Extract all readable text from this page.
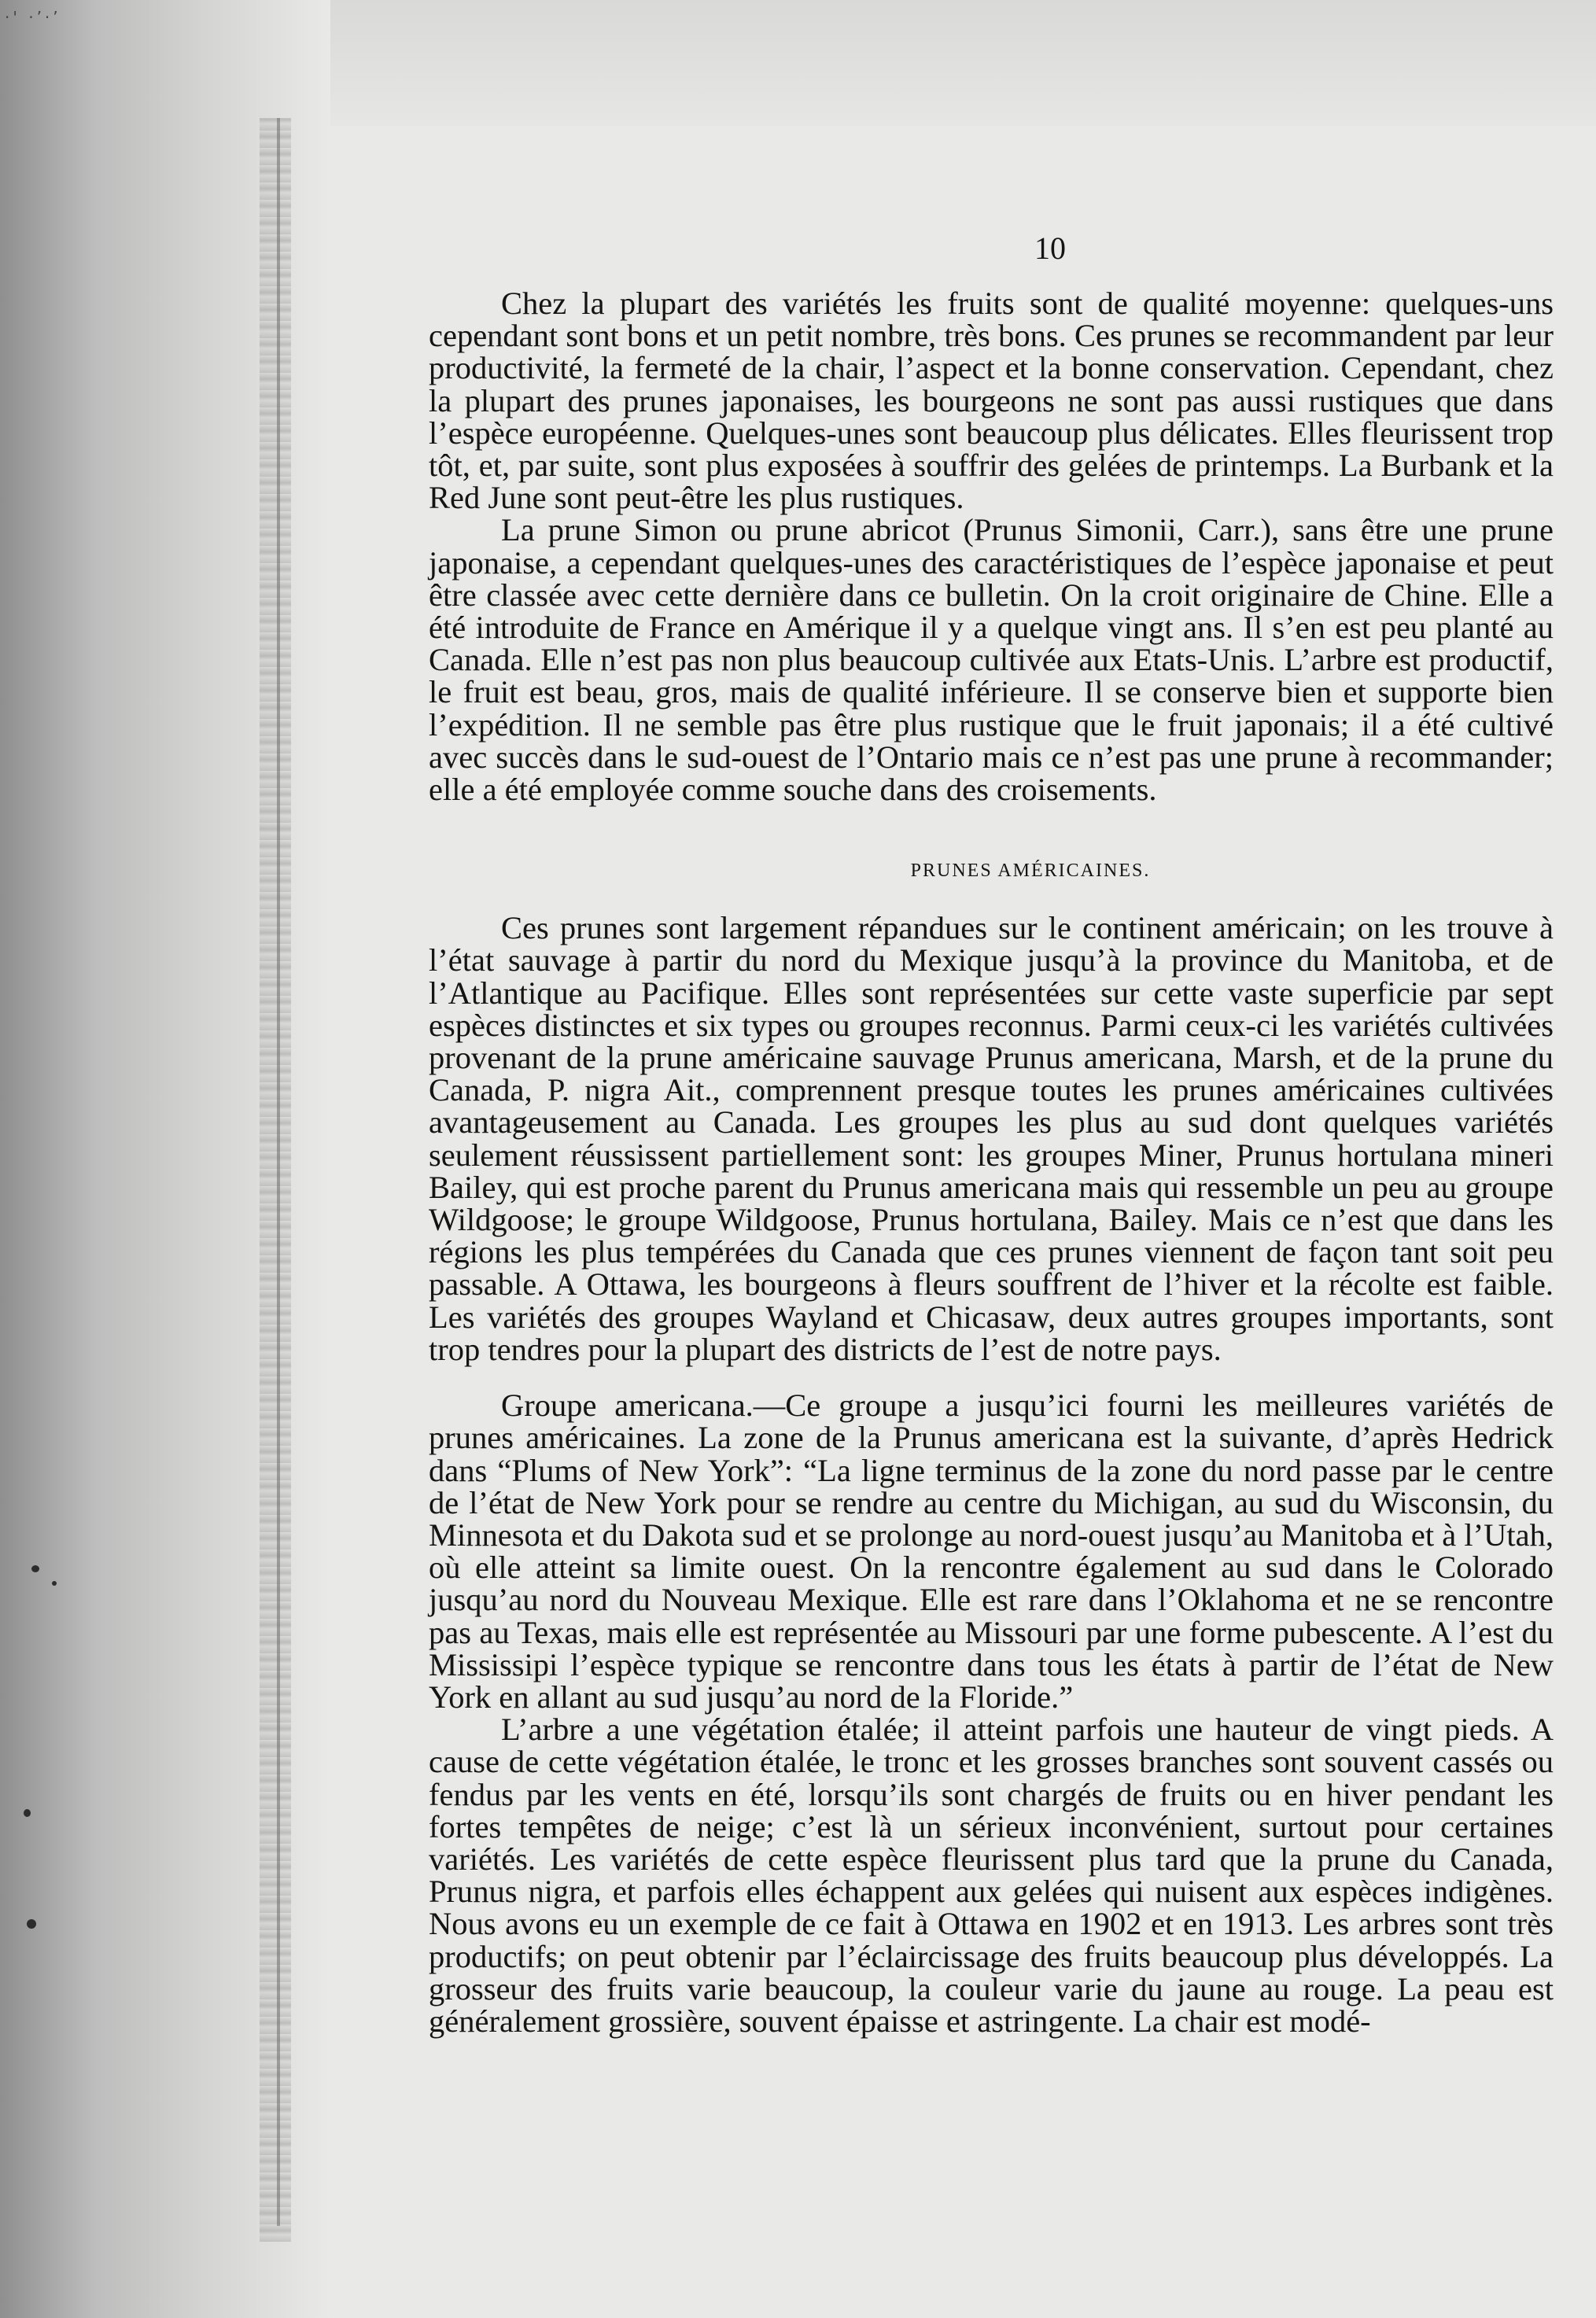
·' ·’·’
10

Chez la plupart des variétés les fruits sont de qualité moyenne: quelques-uns cependant sont bons et un petit nombre, très bons. Ces prunes se recommandent par leur productivité, la fermeté de la chair, l’aspect et la bonne conservation. Cependant, chez la plupart des prunes japonaises, les bourgeons ne sont pas aussi rustiques que dans l’espèce européenne. Quelques-unes sont beaucoup plus délicates. Elles fleurissent trop tôt, et, par suite, sont plus exposées à souffrir des gelées de printemps. La Burbank et la Red June sont peut-être les plus rustiques.

La prune Simon ou prune abricot (Prunus Simonii, Carr.), sans être une prune japonaise, a cependant quelques-unes des caractéristiques de l’espèce japonaise et peut être classée avec cette dernière dans ce bulletin. On la croit originaire de Chine. Elle a été introduite de France en Amérique il y a quelque vingt ans. Il s’en est peu planté au Canada. Elle n’est pas non plus beaucoup cultivée aux Etats-Unis. L’arbre est productif, le fruit est beau, gros, mais de qualité inférieure. Il se conserve bien et supporte bien l’expédition. Il ne semble pas être plus rustique que le fruit japonais; il a été cultivé avec succès dans le sud-ouest de l’Ontario mais ce n’est pas une prune à recommander; elle a été employée comme souche dans des croisements.

PRUNES AMÉRICAINES.

Ces prunes sont largement répandues sur le continent américain; on les trouve à l’état sauvage à partir du nord du Mexique jusqu’à la province du Manitoba, et de l’Atlantique au Pacifique. Elles sont représentées sur cette vaste superficie par sept espèces distinctes et six types ou groupes reconnus. Parmi ceux-ci les variétés cultivées provenant de la prune américaine sauvage Prunus americana, Marsh, et de la prune du Canada, P. nigra Ait., comprennent presque toutes les prunes américaines cultivées avantageusement au Canada. Les groupes les plus au sud dont quelques variétés seulement réussissent partiellement sont: les groupes Miner, Prunus hortulana mineri Bailey, qui est proche parent du Prunus americana mais qui ressemble un peu au groupe Wildgoose; le groupe Wildgoose, Prunus hortulana, Bailey. Mais ce n’est que dans les régions les plus tempérées du Canada que ces prunes viennent de façon tant soit peu passable. A Ottawa, les bourgeons à fleurs souffrent de l’hiver et la récolte est faible. Les variétés des groupes Wayland et Chicasaw, deux autres groupes importants, sont trop tendres pour la plupart des districts de l’est de notre pays.

Groupe americana.—Ce groupe a jusqu’ici fourni les meilleures variétés de prunes américaines. La zone de la Prunus americana est la suivante, d’après Hedrick dans “Plums of New York”: “La ligne terminus de la zone du nord passe par le centre de l’état de New York pour se rendre au centre du Michigan, au sud du Wisconsin, du Minnesota et du Dakota sud et se prolonge au nord-ouest jusqu’au Manitoba et à l’Utah, où elle atteint sa limite ouest. On la rencontre également au sud dans le Colorado jusqu’au nord du Nouveau Mexique. Elle est rare dans l’Oklahoma et ne se rencontre pas au Texas, mais elle est représentée au Missouri par une forme pubescente. A l’est du Mississipi l’espèce typique se rencontre dans tous les états à partir de l’état de New York en allant au sud jusqu’au nord de la Floride.”

L’arbre a une végétation étalée; il atteint parfois une hauteur de vingt pieds. A cause de cette végétation étalée, le tronc et les grosses branches sont souvent cassés ou fendus par les vents en été, lorsqu’ils sont chargés de fruits ou en hiver pendant les fortes tempêtes de neige; c’est là un sérieux inconvénient, surtout pour certaines variétés. Les variétés de cette espèce fleurissent plus tard que la prune du Canada, Prunus nigra, et parfois elles échappent aux gelées qui nuisent aux espèces indigènes. Nous avons eu un exemple de ce fait à Ottawa en 1902 et en 1913. Les arbres sont très productifs; on peut obtenir par l’éclaircissage des fruits beaucoup plus développés. La grosseur des fruits varie beaucoup, la couleur varie du jaune au rouge. La peau est généralement grossière, souvent épaisse et astringente. La chair est modé-
